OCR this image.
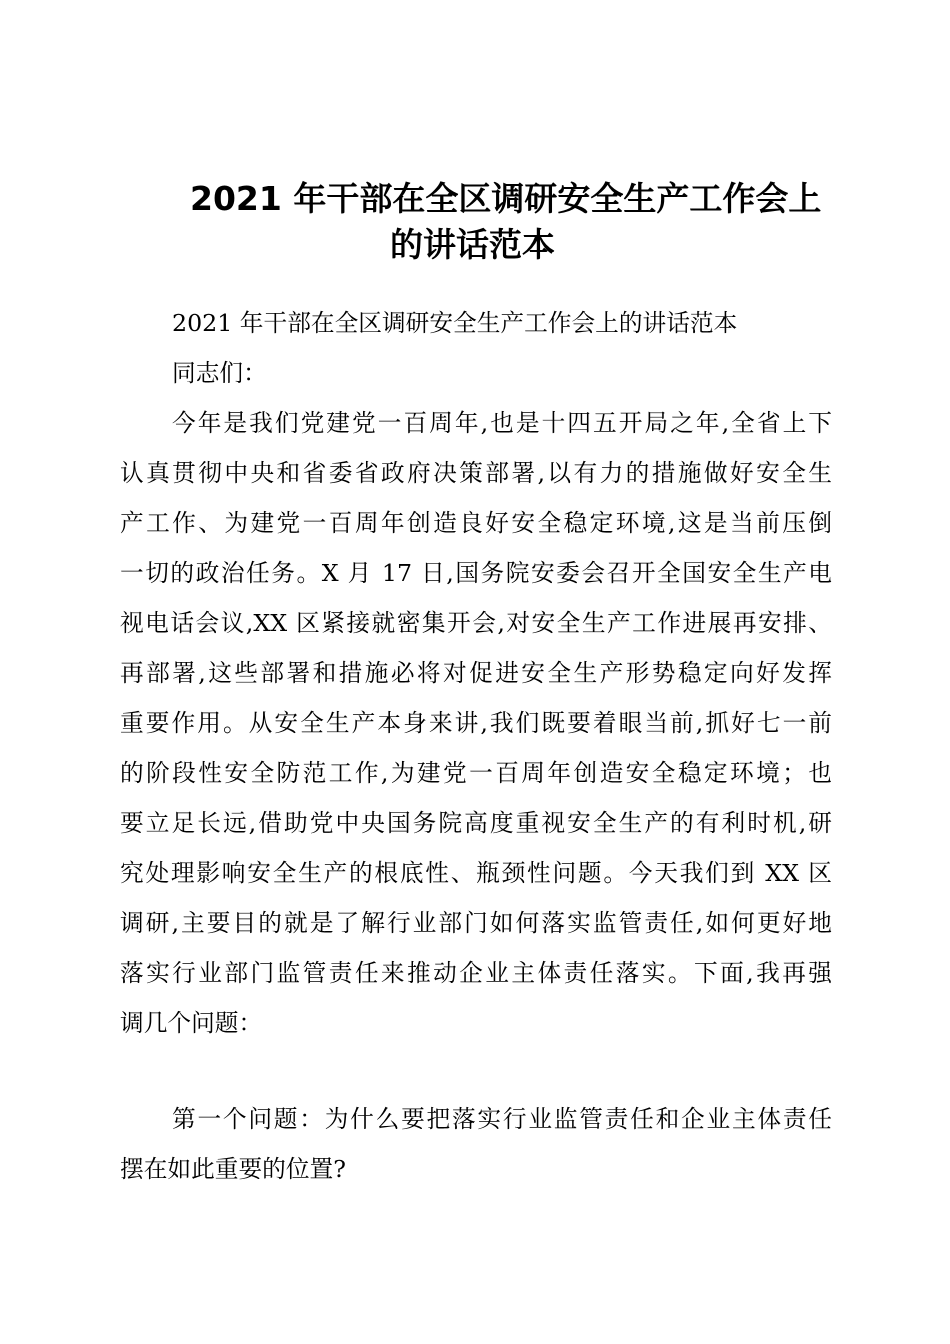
2021 年干部在全区调研安全生产工作会上
的讲话范本
2021 年干部在全区调研安全生产工作会上的讲话范本
同志们：
今年是我们党建党一百周年,也是十四五开局之年,全省上下
认真贯彻中央和省委省政府决策部署,以有力的措施做好安全生
产工作、为建党一百周年创造良好安全稳定环境,这是当前压倒
一切的政治任务。X 月 17 日,国务院安委会召开全国安全生产电
视电话会议,XX 区紧接就密集开会,对安全生产工作进展再安排、
再部署,这些部署和措施必将对促进安全生产形势稳定向好发挥
重要作用。从安全生产本身来讲,我们既要着眼当前,抓好七一前
的阶段性安全防范工作,为建党一百周年创造安全稳定环境；也
要立足长远,借助党中央国务院高度重视安全生产的有利时机,研
究处理影响安全生产的根底性、瓶颈性问题。今天我们到 XX 区
调研,主要目的就是了解行业部门如何落实监管责任,如何更好地
落实行业部门监管责任来推动企业主体责任落实。下面,我再强
调几个问题：
第一个问题：为什么要把落实行业监管责任和企业主体责任
摆在如此重要的位置?
